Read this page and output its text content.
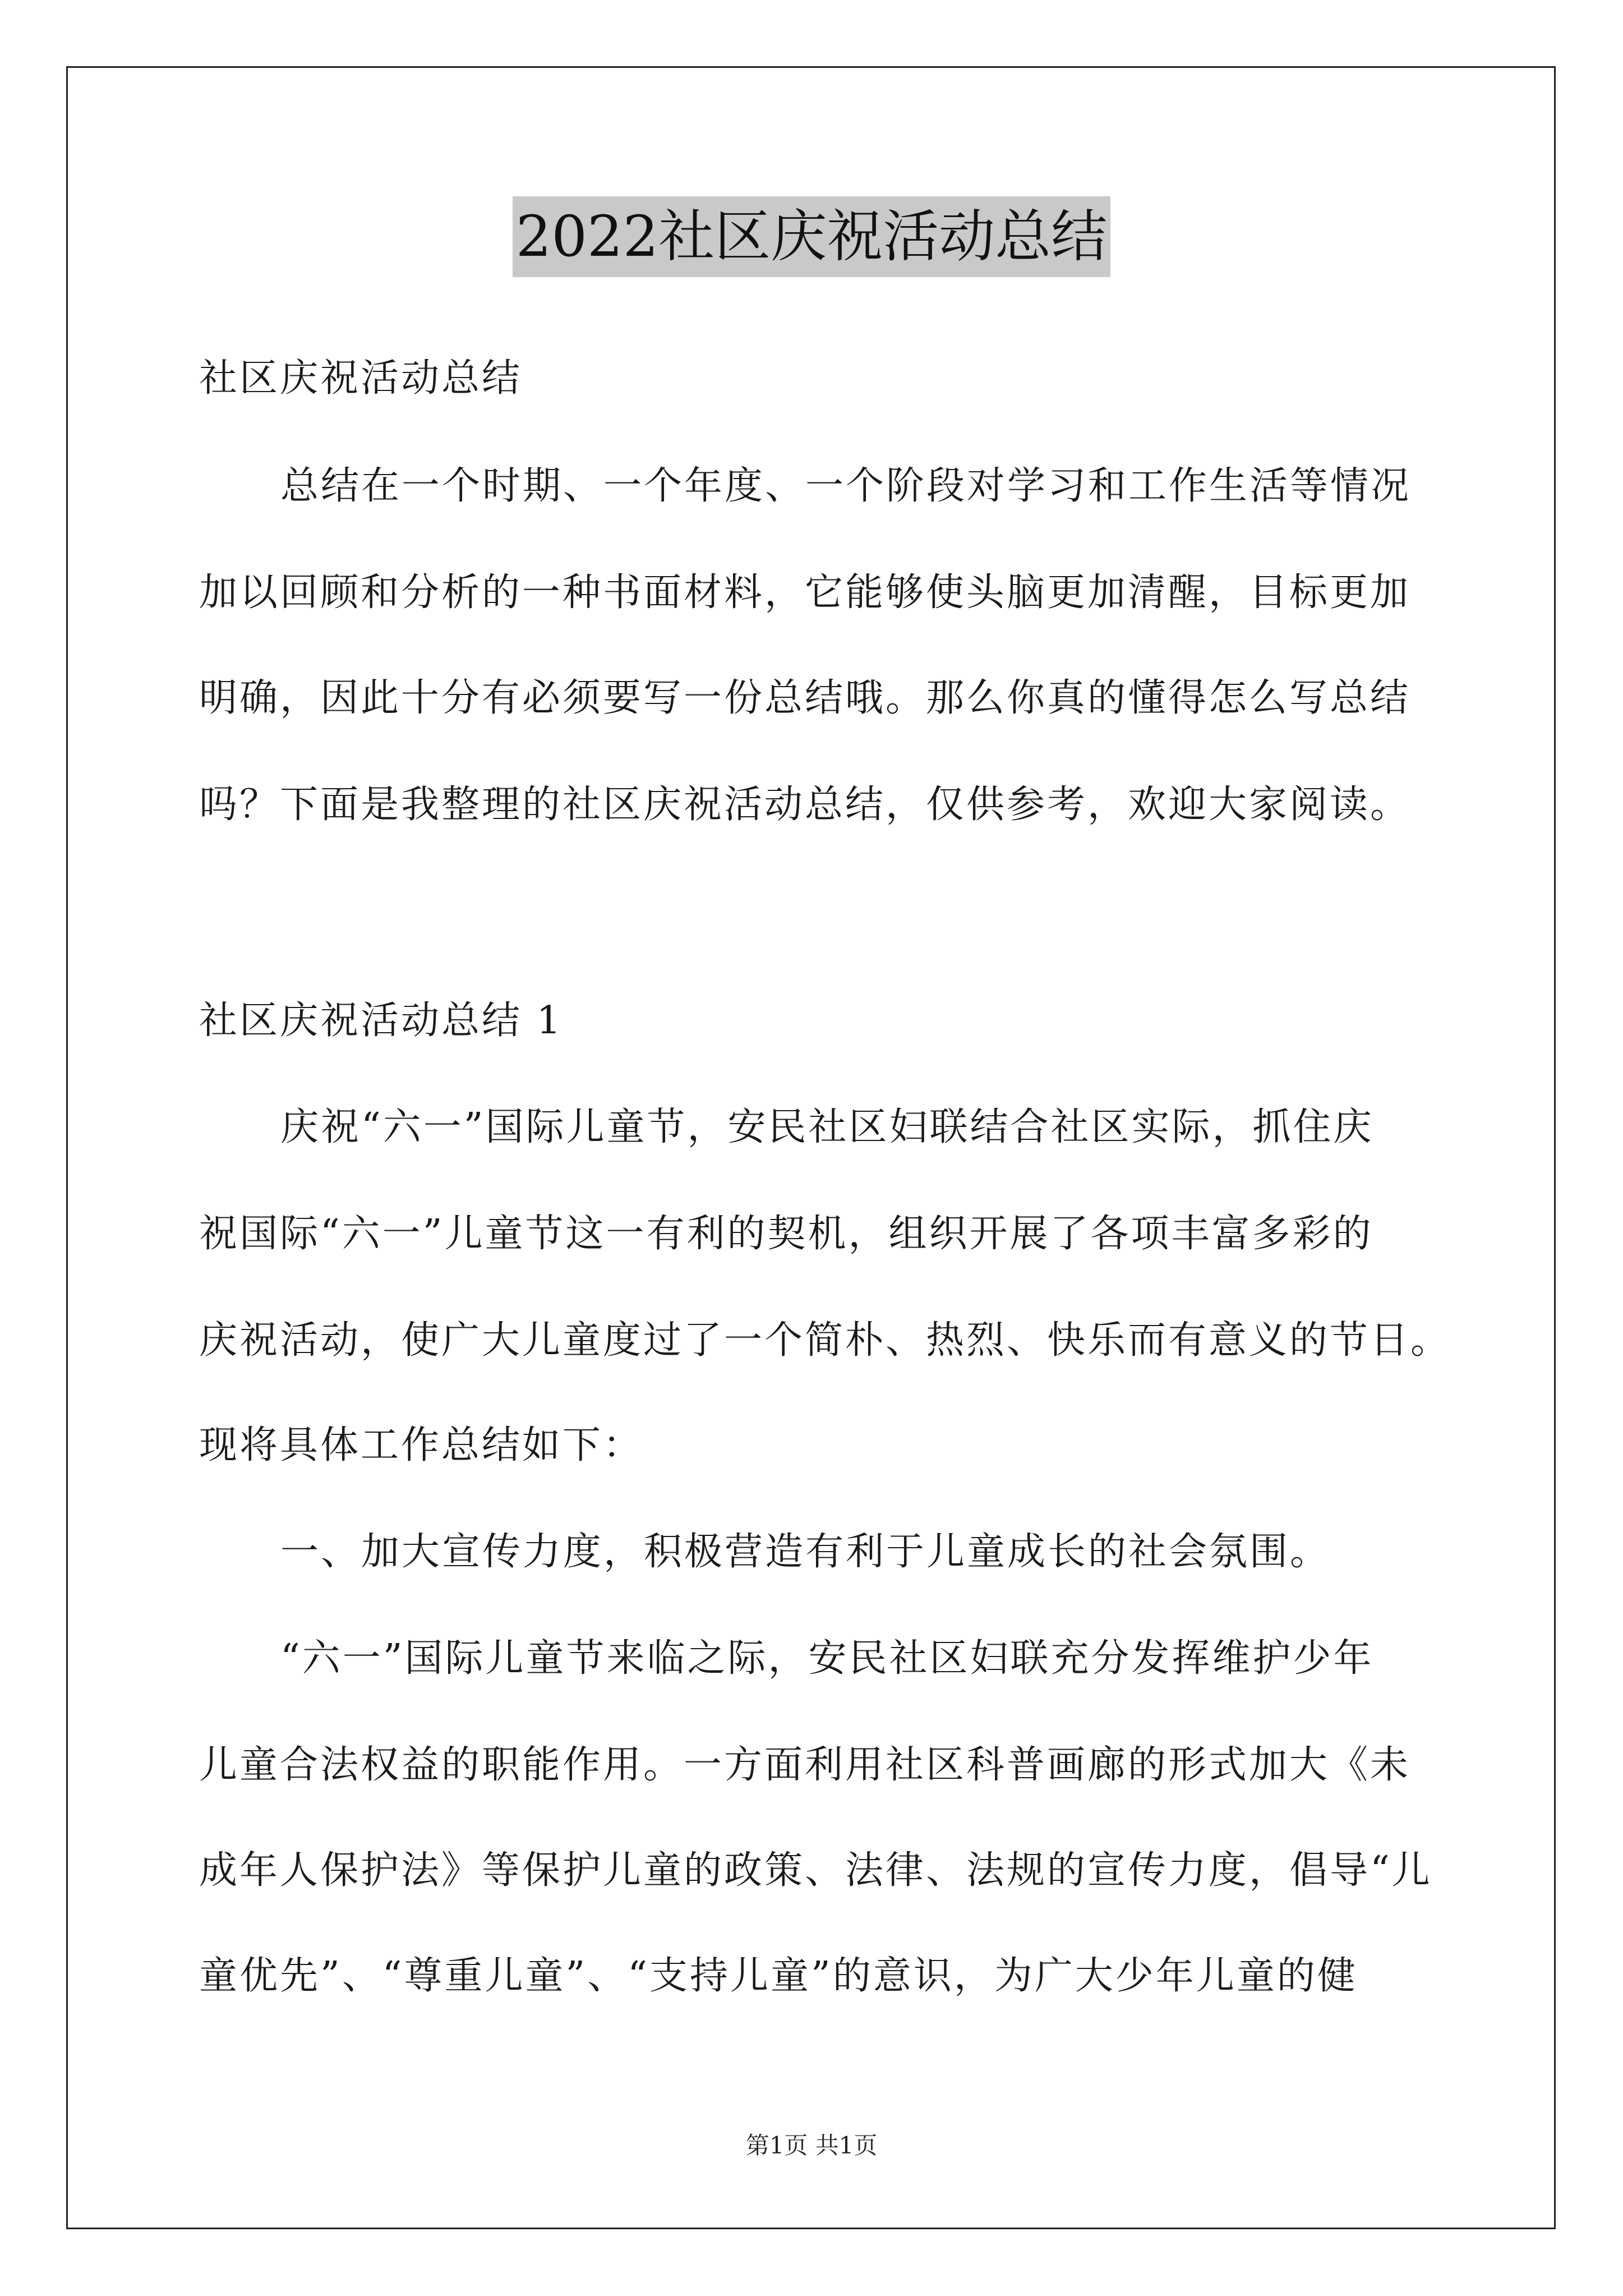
2022社区庆祝活动总结
社区庆祝活动总结
总结在一个时期、一个年度、一个阶段对学习和工作生活等情况
加以回顾和分析的一种书面材料，它能够使头脑更加清醒，目标更加
明确，因此十分有必须要写一份总结哦。那么你真的懂得怎么写总结
吗？下面是我整理的社区庆祝活动总结，仅供参考，欢迎大家阅读。
社区庆祝活动总结 1
庆祝“六一”国际儿童节，安民社区妇联结合社区实际，抓住庆
祝国际“六一”儿童节这一有利的契机，组织开展了各项丰富多彩的
庆祝活动，使广大儿童度过了一个简朴、热烈、快乐而有意义的节日。
现将具体工作总结如下：
一、加大宣传力度，积极营造有利于儿童成长的社会氛围。
“六一”国际儿童节来临之际，安民社区妇联充分发挥维护少年
儿童合法权益的职能作用。一方面利用社区科普画廊的形式加大《未
成年人保护法》等保护儿童的政策、法律、法规的宣传力度，倡导“儿
童优先”、“尊重儿童”、“支持儿童”的意识，为广大少年儿童的健
第1页 共1页
